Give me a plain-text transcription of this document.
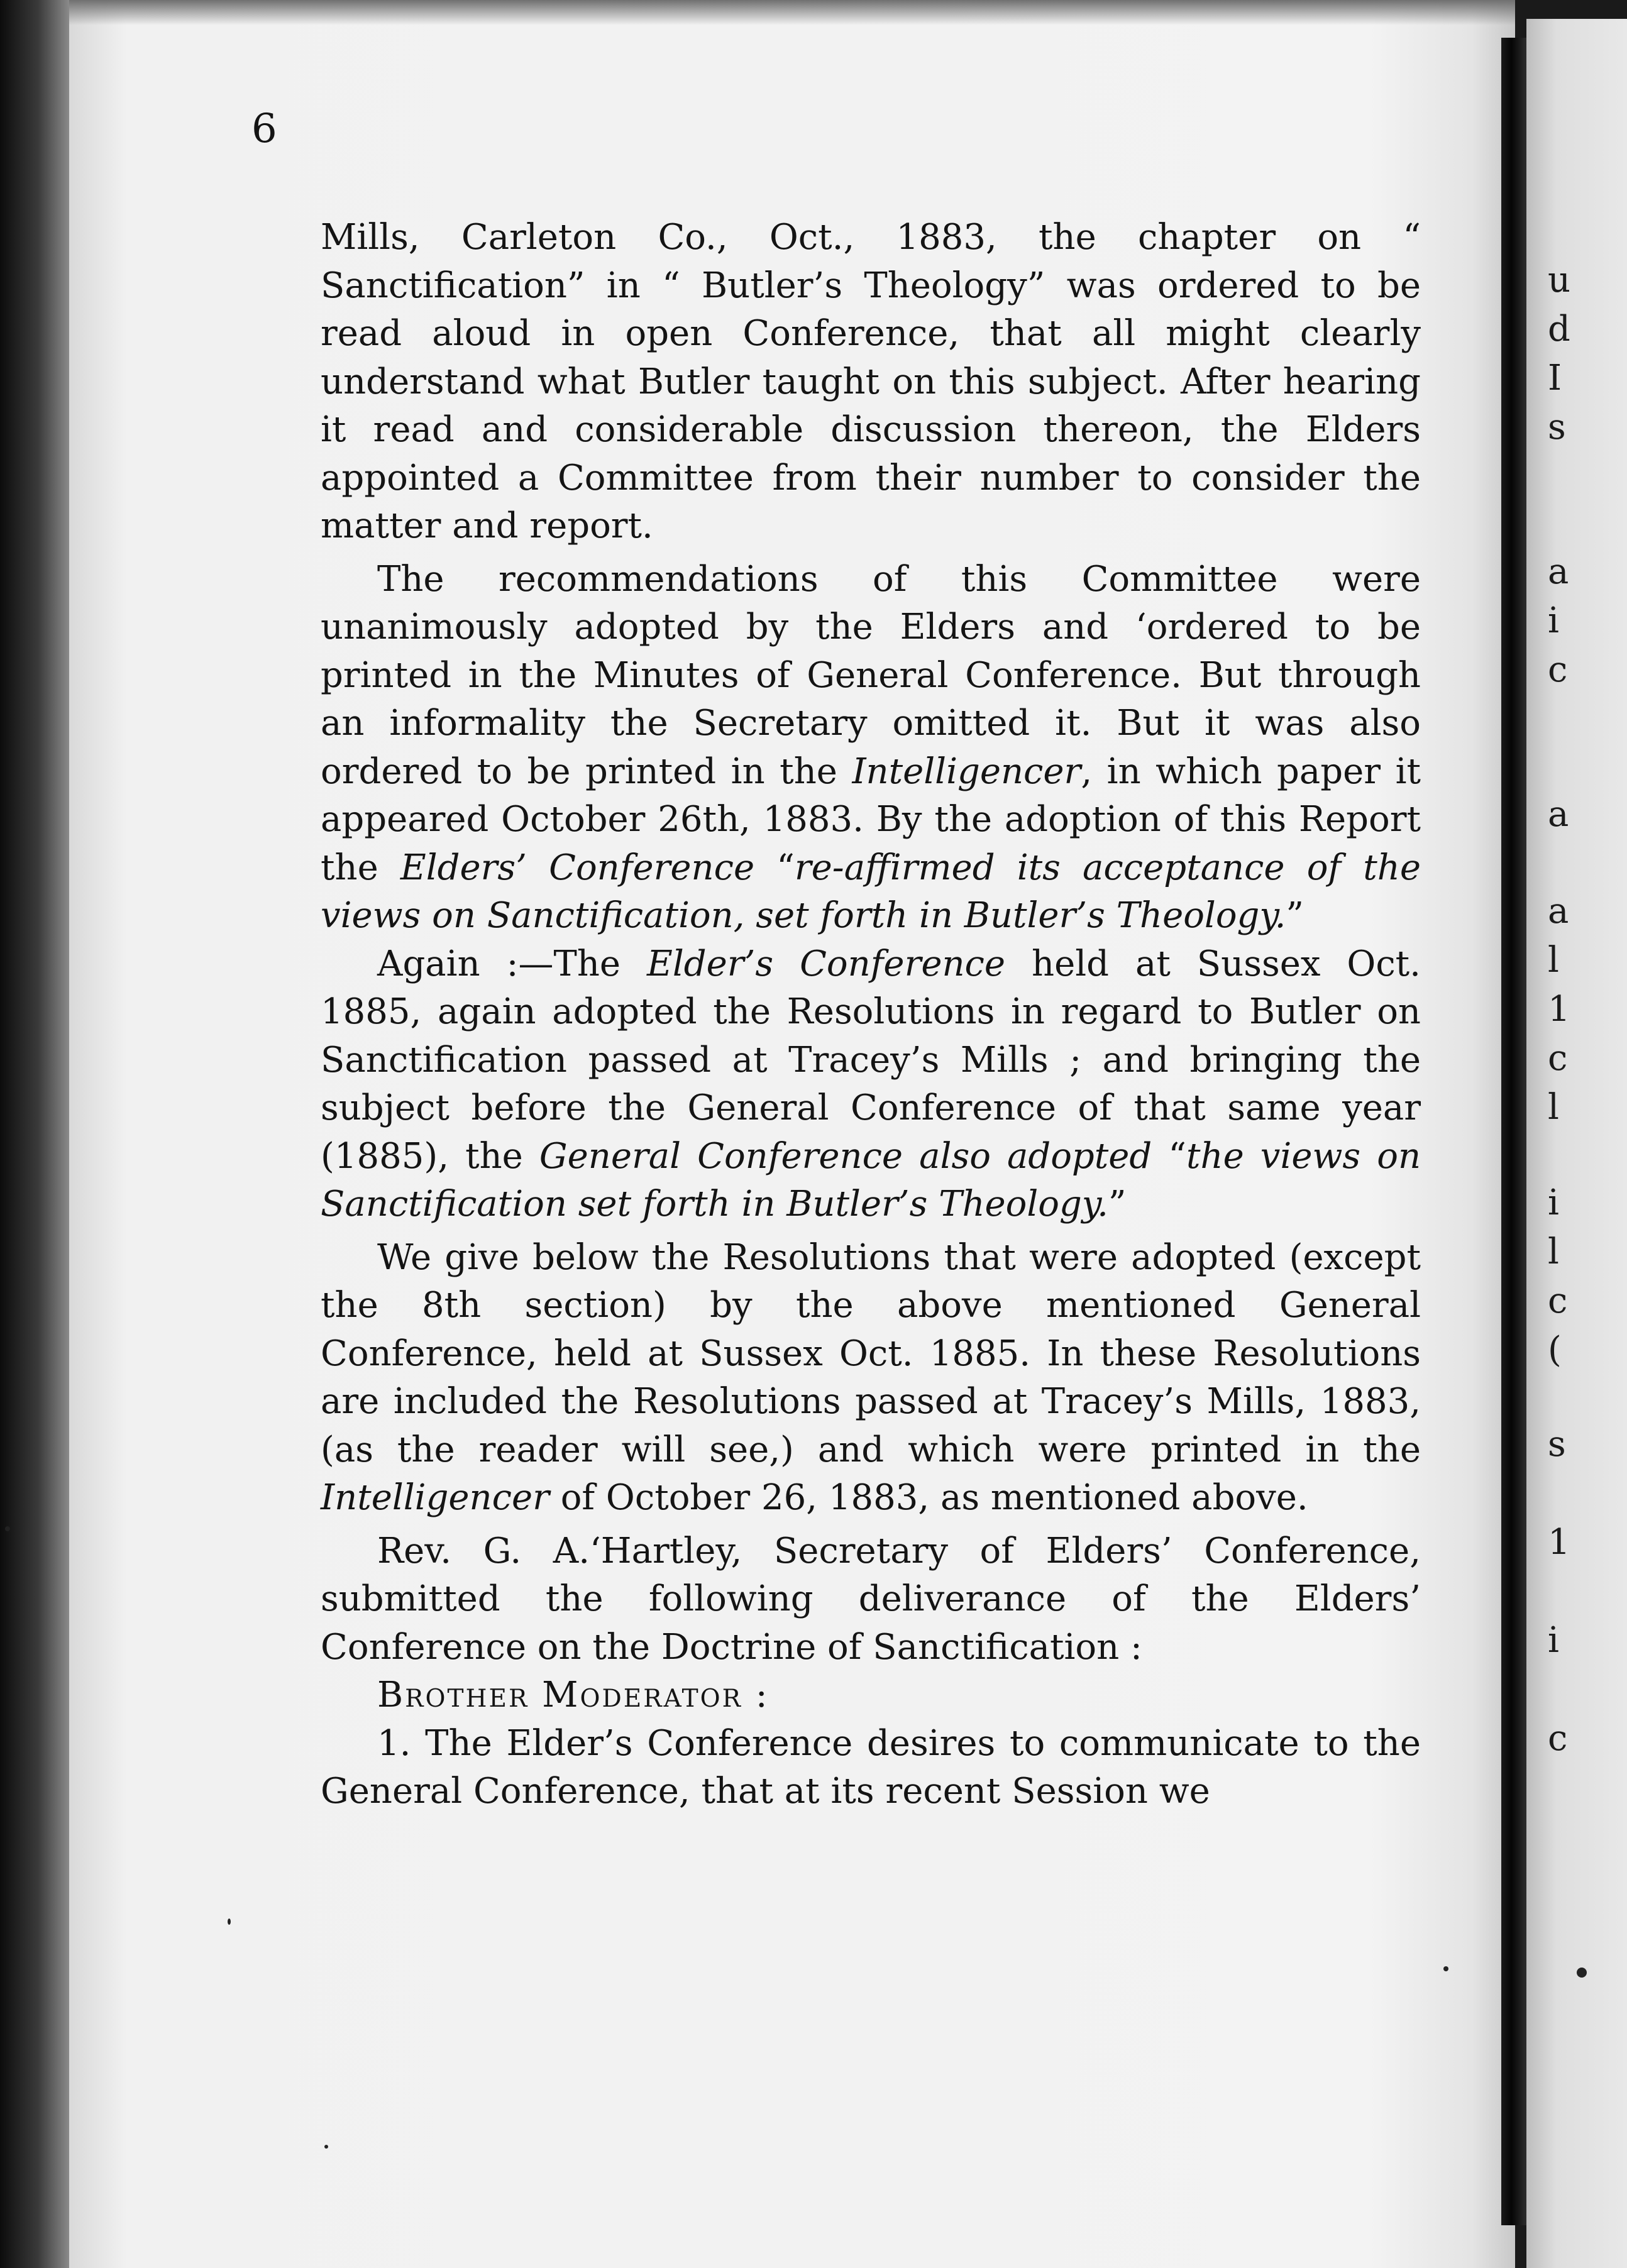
u
d
I
s
a
i
c
a
a
l
1
c
l
i
l
c
(
s
1
i
c
6

Mills, Carleton Co., Oct., 1883, the chapter on “ Sanctification” in “ Butler’s Theology” was ordered to be read aloud in open Conference, that all might clearly understand what Butler taught on this subject. After hearing it read and considerable discussion thereon, the Elders appointed a Committee from their number to consider the matter and report.

The recommendations of this Committee were unanimously adopted by the Elders and ‘ordered to be printed in the Minutes of General Conference. But through an informality the Secretary omitted it. But it was also ordered to be printed in the Intelligencer, in which paper it appeared October 26th, 1883. By the adoption of this Report the Elders’ Conference “re-affirmed its acceptance of the views on Sanctification, set forth in Butler’s Theology.”

Again :—The Elder’s Conference held at Sussex Oct. 1885, again adopted the Resolutions in regard to Butler on Sanctification passed at Tracey’s Mills ; and bringing the subject before the General Conference of that same year (1885), the General Conference also adopted “the views on Sanctification set forth in Butler’s Theology.”

We give below the Resolutions that were adopted (except the 8th section) by the above mentioned General Conference, held at Sussex Oct. 1885. In these Resolutions are included the Resolutions passed at Tracey’s Mills, 1883, (as the reader will see,) and which were printed in the Intelligencer of October 26, 1883, as mentioned above.

Rev. G. A.ʻHartley, Secretary of Elders’ Conference, submitted the following deliverance of the Elders’ Conference on the Doctrine of Sanctification :

Brother Moderator :

1. The Elder’s Conference desires to communicate to the General Conference, that at its recent Session we
